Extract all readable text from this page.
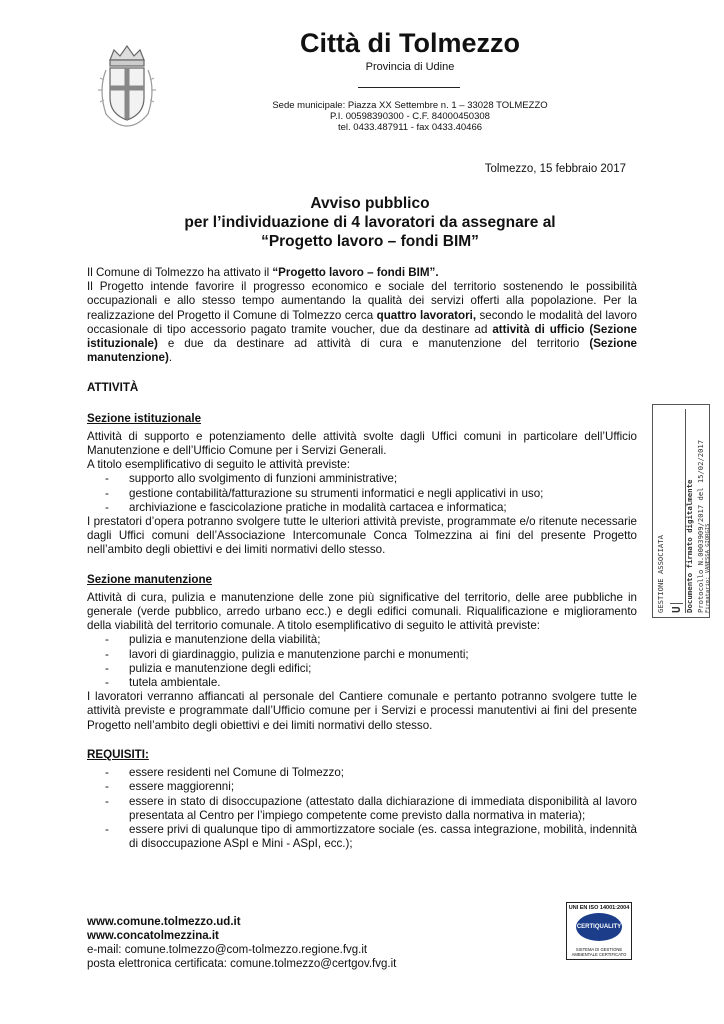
Città di Tolmezzo
Provincia di Udine
Sede municipale: Piazza XX Settembre n. 1 – 33028 TOLMEZZO
P.I. 00598390300 - C.F. 84000450308
tel. 0433.487911 - fax 0433.40466
Tolmezzo, 15 febbraio 2017
Avviso pubblico
per l’individuazione di 4 lavoratori da assegnare al
“Progetto lavoro – fondi BIM”

Il Comune di Tolmezzo ha attivato il “Progetto lavoro – fondi BIM”.

Il Progetto intende favorire il progresso economico e sociale del territorio sostenendo le possibilità occupazionali e allo stesso tempo aumentando la qualità dei servizi offerti alla popolazione. Per la realizzazione del Progetto il Comune di Tolmezzo cerca quattro lavoratori, secondo le modalità del lavoro occasionale di tipo accessorio pagato tramite voucher, due da destinare ad attività di ufficio (Sezione istituzionale) e due da destinare ad attività di cura e manutenzione del territorio (Sezione manutenzione).

ATTIVITÀ
Sezione istituzionale

Attività di supporto e potenziamento delle attività svolte dagli Uffici comuni in particolare dell’Ufficio Manutenzione e dell’Ufficio Comune per i Servizi Generali.

A titolo esemplificativo di seguito le attività previste:

- supporto allo svolgimento di funzioni amministrative;
- gestione contabilità/fatturazione su strumenti informatici e negli applicativi in uso;
- archiviazione e fascicolazione pratiche in modalità cartacea e informatica;

I prestatori d’opera potranno svolgere tutte le ulteriori attività previste, programmate e/o ritenute necessarie dagli Uffici comuni dell’Associazione Intercomunale Conca Tolmezzina ai fini del presente Progetto nell’ambito degli obiettivi e dei limiti normativi dello stesso.

Sezione manutenzione

Attività di cura, pulizia e manutenzione delle zone più significative del territorio, delle aree pubbliche in generale (verde pubblico, arredo urbano ecc.) e degli edifici comunali. Riqualificazione e miglioramento della viabilità del territorio comunale. A titolo esemplificativo di seguito le attività previste:

- pulizia e manutenzione della viabilità;
- lavori di giardinaggio, pulizia e manutenzione parchi e monumenti;
- pulizia e manutenzione degli edifici;
- tutela ambientale.

I lavoratori verranno affiancati al personale del Cantiere comunale e pertanto potranno svolgere tutte le attività previste e programmate dall’Ufficio comune per i Servizi e processi manutentivi ai fini del presente Progetto nell’ambito degli obiettivi e dei limiti normativi dello stesso.

REQUISITI:
- essere residenti nel Comune di Tolmezzo;
- essere maggiorenni;
- essere in stato di disoccupazione (attestato dalla dichiarazione di immediata disponibilità al lavoro presentata al Centro per l’impiego competente come previsto dalla normativa in materia);
- essere privi di qualunque tipo di ammortizzatore sociale (es. cassa integrazione, mobilità, indennità di disoccupazione ASpI e Mini - ASpI, ecc.);
GESTIONE ASSOCIATA U Documento firmato digitalmente Protocollo N.0003909/2017 del 15/02/2017 Firmatario: VANESSA GIORGIS
www.comune.tolmezzo.ud.it
www.concatolmezzina.it
e-mail: comune.tolmezzo@com-tolmezzo.regione.fvg.it
posta elettronica certificata: comune.tolmezzo@certgov.fvg.it
UNI EN ISO 14001:2004
CERTIQUALITY
SISTEMA DI GESTIONE AMBIENTALE CERTIFICATO
